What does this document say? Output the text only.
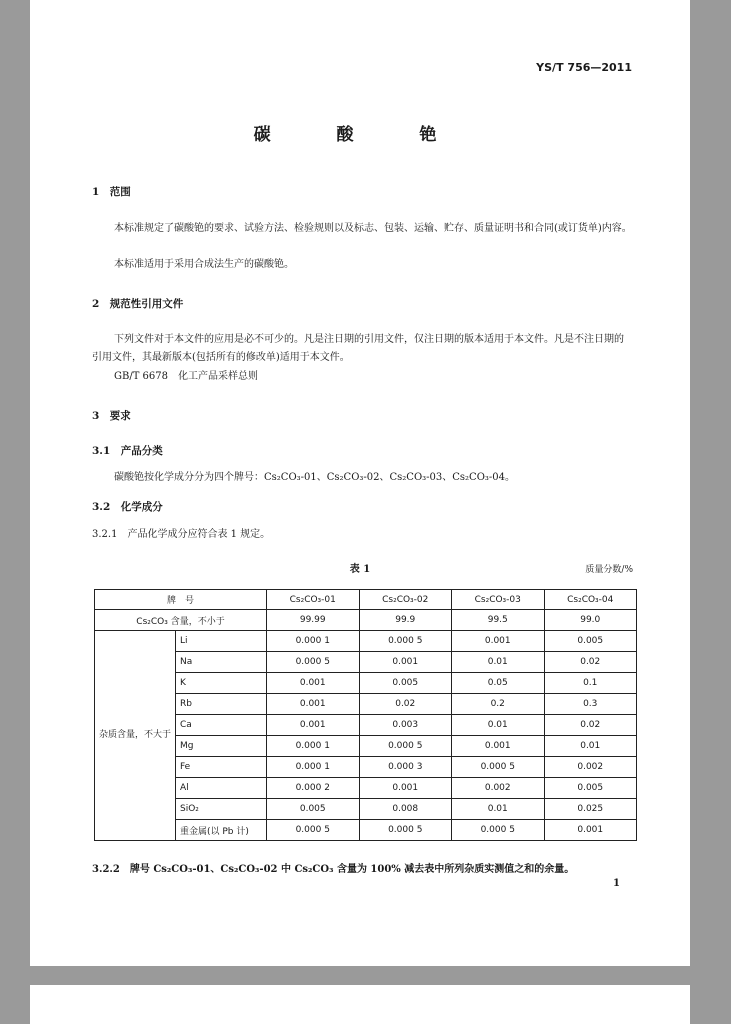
YS/T 756—2011
碳 酸 铯
1　范围
本标准规定了碳酸铯的要求、试验方法、检验规则以及标志、包装、运输、贮存、质量证明书和合同(或订货单)内容。
本标准适用于采用合成法生产的碳酸铯。
2　规范性引用文件
下列文件对于本文件的应用是必不可少的。凡是注日期的引用文件，仅注日期的版本适用于本文件。凡是不注日期的引用文件，其最新版本(包括所有的修改单)适用于本文件。
GB/T 6678　化工产品采样总则
3　要求
3.1　产品分类
碳酸铯按化学成分分为四个牌号：Cs₂CO₃-01、Cs₂CO₃-02、Cs₂CO₃-03、Cs₂CO₃-04。
3.2　化学成分
3.2.1　产品化学成分应符合表 1 规定。
表 1	质量分数/%
牌　号		Cs₂CO₃-01	Cs₂CO₃-02	Cs₂CO₃-03	Cs₂CO₃-04
Cs₂CO₃ 含量，不小于		99.99	99.9	99.5	99.0
杂质含量，不大于	Li	0.000 1	0.000 5	0.001	0.005
	Na	0.000 5	0.001	0.01	0.02
	K	0.001	0.005	0.05	0.1
	Rb	0.001	0.02	0.2	0.3
	Ca	0.001	0.003	0.01	0.02
	Mg	0.000 1	0.000 5	0.001	0.01
	Fe	0.000 1	0.000 3	0.000 5	0.002
	Al	0.000 2	0.001	0.002	0.005
	SiO₂	0.005	0.008	0.01	0.025
	重金属(以 Pb 计)	0.000 5	0.000 5	0.000 5	0.001
3.2.2　牌号 Cs₂CO₃-01、Cs₂CO₃-02 中 Cs₂CO₃ 含量为 100% 减去表中所列杂质实测值之和的余量。
1
